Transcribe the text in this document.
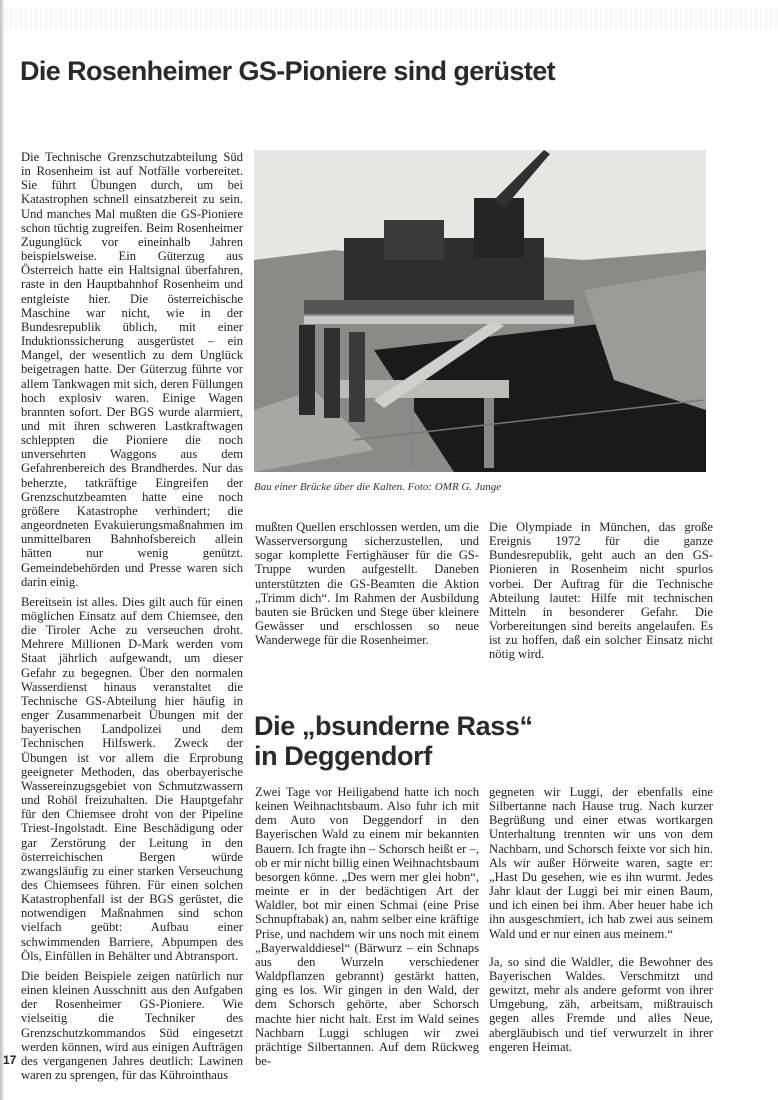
Die Rosenheimer GS-Pioniere sind gerüstet

Die Technische Grenzschutzabteilung Süd in Rosenheim ist auf Notfälle vorbereitet. Sie führt Übungen durch, um bei Katastrophen schnell einsatzbereit zu sein. Und manches Mal mußten die GS-Pioniere schon tüchtig zugreifen. Beim Rosenheimer Zugunglück vor eineinhalb Jahren beispielsweise. Ein Güterzug aus Österreich hatte ein Haltsignal überfahren, raste in den Hauptbahnhof Rosenheim und entgleiste hier. Die österreichische Maschine war nicht, wie in der Bundesrepublik üblich, mit einer Induktionssicherung ausgerüstet – ein Mangel, der wesentlich zu dem Unglück beigetragen hatte. Der Güterzug führte vor allem Tankwagen mit sich, deren Füllungen hoch explosiv waren. Einige Wagen brannten sofort. Der BGS wurde alarmiert, und mit ihren schweren Lastkraftwagen schleppten die Pioniere die noch unversehrten Waggons aus dem Gefahrenbereich des Brandherdes. Nur das beherzte, tatkräftige Eingreifen der Grenzschutzbeamten hatte eine noch größere Katastrophe verhindert; die angeordneten Evakuierungsmaßnahmen im unmittelbaren Bahnhofsbereich allein hätten nur wenig genützt. Gemeindebehörden und Presse waren sich darin einig.

Bereitsein ist alles. Dies gilt auch für einen möglichen Einsatz auf dem Chiemsee, den die Tiroler Ache zu verseuchen droht. Mehrere Millionen D-Mark werden vom Staat jährlich aufgewandt, um dieser Gefahr zu begegnen. Über den normalen Wasserdienst hinaus veranstaltet die Technische GS-Abteilung hier häufig in enger Zusammenarbeit Übungen mit der bayerischen Landpolizei und dem Technischen Hilfswerk. Zweck der Übungen ist vor allem die Erprobung geeigneter Methoden, das oberbayerische Wassereinzugsgebiet von Schmutzwassern und Rohöl freizuhalten. Die Hauptgefahr für den Chiemsee droht von der Pipeline Triest-Ingolstadt. Eine Beschädigung oder gar Zerstörung der Leitung in den österreichischen Bergen würde zwangsläufig zu einer starken Verseuchung des Chiemsees führen. Für einen solchen Katastrophenfall ist der BGS gerüstet, die notwendigen Maßnahmen sind schon vielfach geübt: Aufbau einer schwimmenden Barriere, Abpumpen des Öls, Einfüllen in Behälter und Abtransport.

Die beiden Beispiele zeigen natürlich nur einen kleinen Ausschnitt aus den Aufgaben der Rosenheimer GS-Pioniere. Wie vielseitig die Techniker des Grenzschutzkommandos Süd eingesetzt werden können, wird aus einigen Aufträgen des vergangenen Jahres deutlich: Lawinen waren zu sprengen, für das Kührointhaus

Bau einer Brücke über die Kalten. Foto: OMR G. Junge

mußten Quellen erschlossen werden, um die Wasserversorgung sicherzustellen, und sogar komplette Fertighäuser für die GS-Truppe wurden aufgestellt. Daneben unterstützten die GS-Beamten die Aktion „Trimm dich“. Im Rahmen der Ausbildung bauten sie Brücken und Stege über kleinere Gewässer und erschlossen so neue Wanderwege für die Rosenheimer.

Die Olympiade in München, das große Ereignis 1972 für die ganze Bundesrepublik, geht auch an den GS-Pionieren in Rosenheim nicht spurlos vorbei. Der Auftrag für die Technische Abteilung lautet: Hilfe mit technischen Mitteln in besonderer Gefahr. Die Vorbereitungen sind bereits angelaufen. Es ist zu hoffen, daß ein solcher Einsatz nicht nötig wird.

Die „bsunderne Rass“
in Deggendorf

Zwei Tage vor Heiligabend hatte ich noch keinen Weihnachtsbaum. Also fuhr ich mit dem Auto von Deggendorf in den Bayerischen Wald zu einem mir bekannten Bauern. Ich fragte ihn – Schorsch heißt er –, ob er mir nicht billig einen Weihnachtsbaum besorgen könne. „Des wern mer glei hobn“, meinte er in der bedächtigen Art der Waldler, bot mir einen Schmai (eine Prise Schnupftabak) an, nahm selber eine kräftige Prise, und nachdem wir uns noch mit einem „Bayerwalddiesel“ (Bärwurz – ein Schnaps aus den Wurzeln verschiedener Waldpflanzen gebrannt) gestärkt hatten, ging es los. Wir gingen in den Wald, der dem Schorsch gehörte, aber Schorsch machte hier nicht halt. Erst im Wald seines Nachbarn Luggi schlugen wir zwei prächtige Silbertannen. Auf dem Rückweg be-

gegneten wir Luggi, der ebenfalls eine Silbertanne nach Hause trug. Nach kurzer Begrüßung und einer etwas wortkargen Unterhaltung trennten wir uns von dem Nachbarn, und Schorsch feixte vor sich hin. Als wir außer Hörweite waren, sagte er: „Hast Du gesehen, wie es ihn wurmt. Jedes Jahr klaut der Luggi bei mir einen Baum, und ich einen bei ihm. Aber heuer habe ich ihn ausgeschmiert, ich hab zwei aus seinem Wald und er nur einen aus meinem.“

Ja, so sind die Waldler, die Bewohner des Bayerischen Waldes. Verschmitzt und gewitzt, mehr als andere geformt von ihrer Umgebung, zäh, arbeitsam, mißtrauisch gegen alles Fremde und alles Neue, abergläubisch und tief verwurzelt in ihrer engeren Heimat.

17
